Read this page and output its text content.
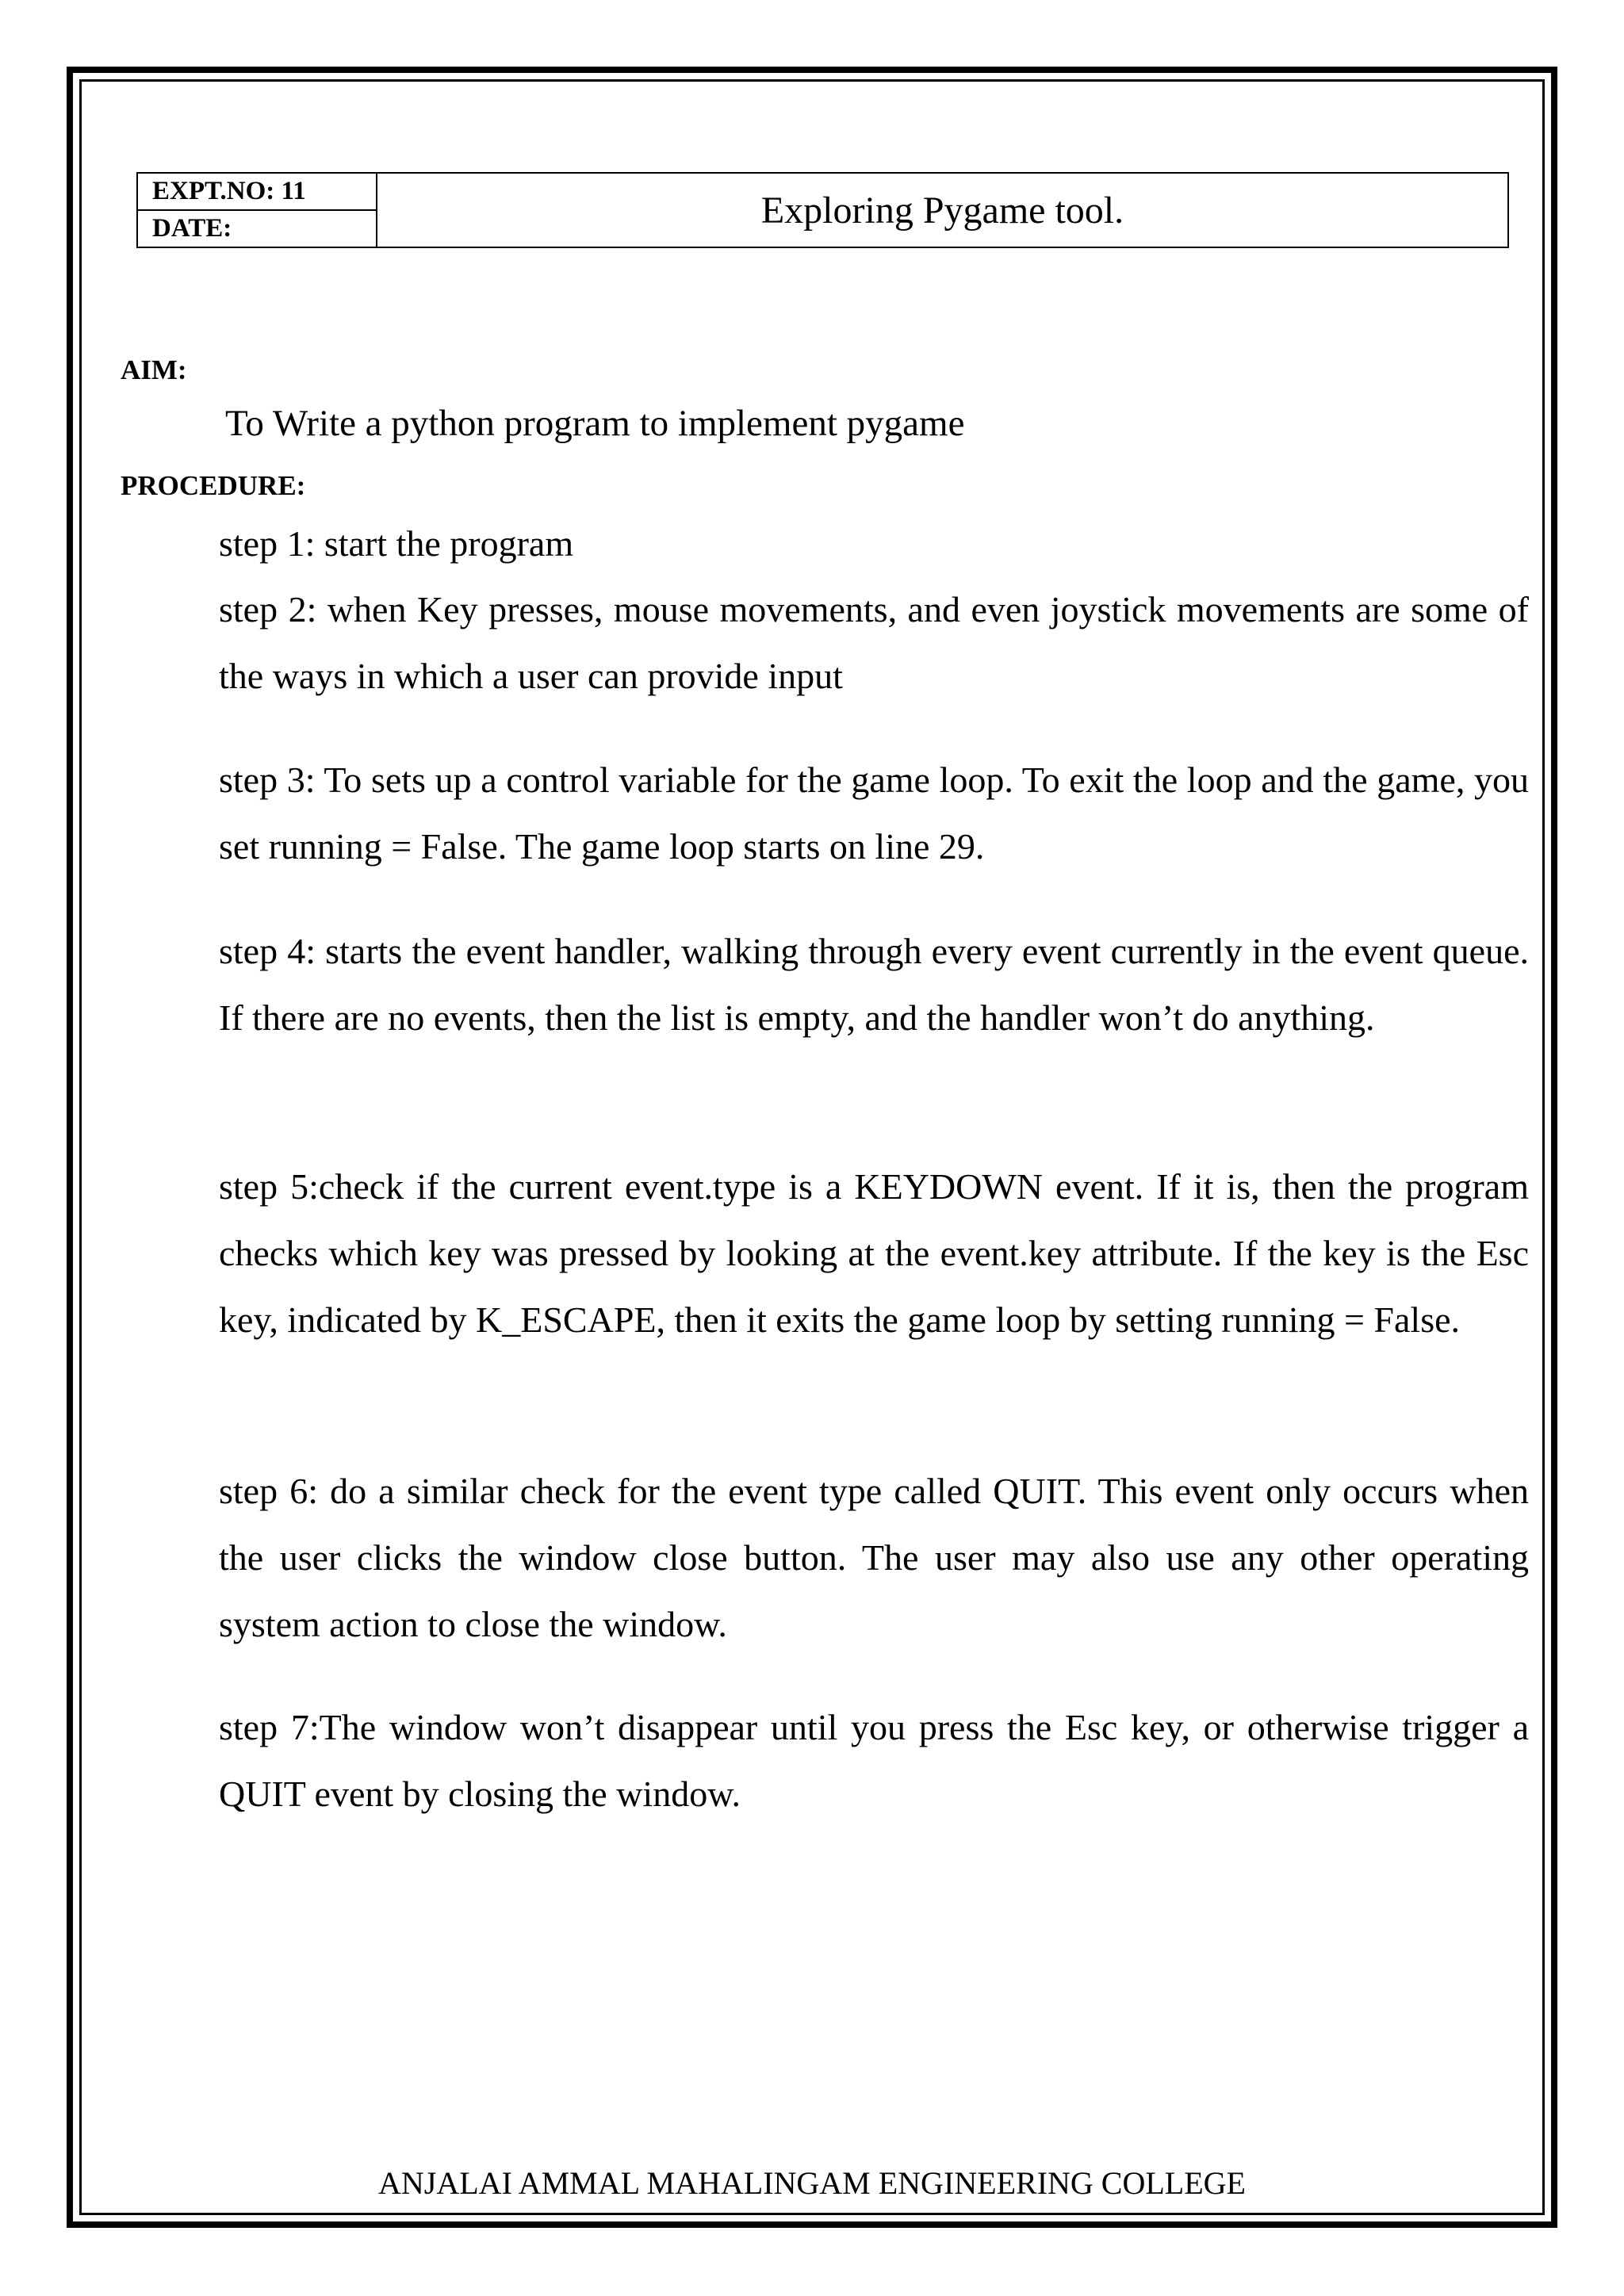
EXPT.NO: 11
DATE:	Exploring Pygame tool.
AIM:
To Write a python program to implement pygame
PROCEDURE:
step 1: start the program
step 2: when Key presses, mouse movements, and even joystick movements are some of the ways in which a user can provide input
step 3: To sets up a control variable for the game loop. To exit the loop and the game, you set running = False. The game loop starts on line 29.
step 4: starts the event handler, walking through every event currently in the event queue. If there are no events, then the list is empty, and the handler won’t do anything.
step 5:check if the current event.type is a KEYDOWN event. If it is, then the program checks which key was pressed by looking at the event.key attribute. If the key is the Esc key, indicated by K_ESCAPE, then it exits the game loop by setting running = False.
step 6: do a similar check for the event type called QUIT. This event only occurs when the user clicks the window close button. The user may also use any other operating system action to close the window.
step 7:The window won’t disappear until you press the Esc key, or otherwise trigger a QUIT event by closing the window.
ANJALAI AMMAL MAHALINGAM ENGINEERING COLLEGE
